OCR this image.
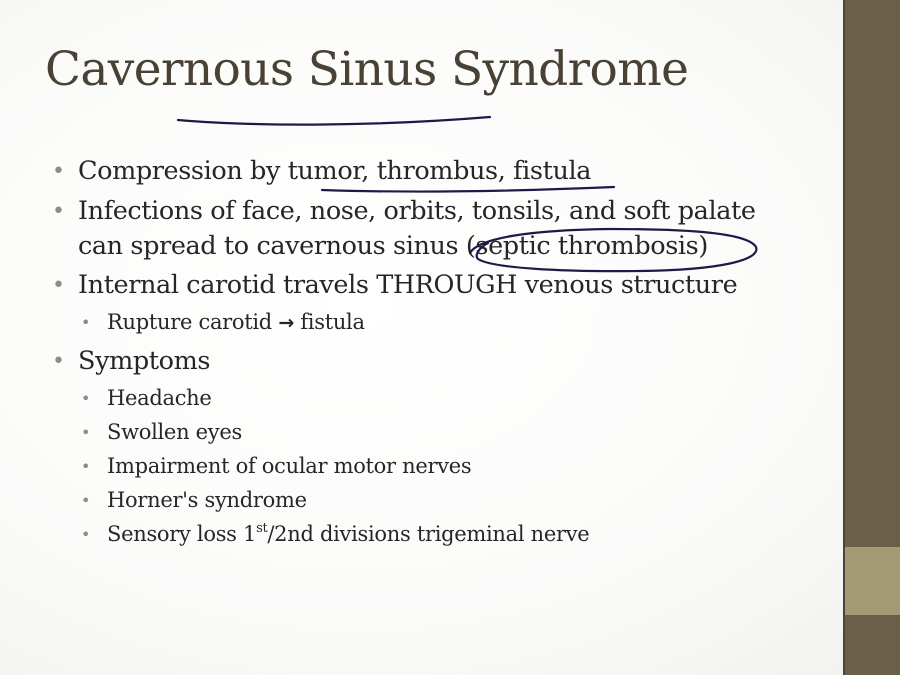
Cavernous Sinus Syndrome
• Compression by tumor, thrombus, fistula
• Infections of face, nose, orbits, tonsils, and soft palate
can spread to cavernous sinus (septic thrombosis)
• Internal carotid travels THROUGH venous structure
• Rupture carotid → fistula
• Symptoms
• Headache
• Swollen eyes
• Impairment of ocular motor nerves
• Horner's syndrome
• Sensory loss 1st/2nd divisions trigeminal nerve
